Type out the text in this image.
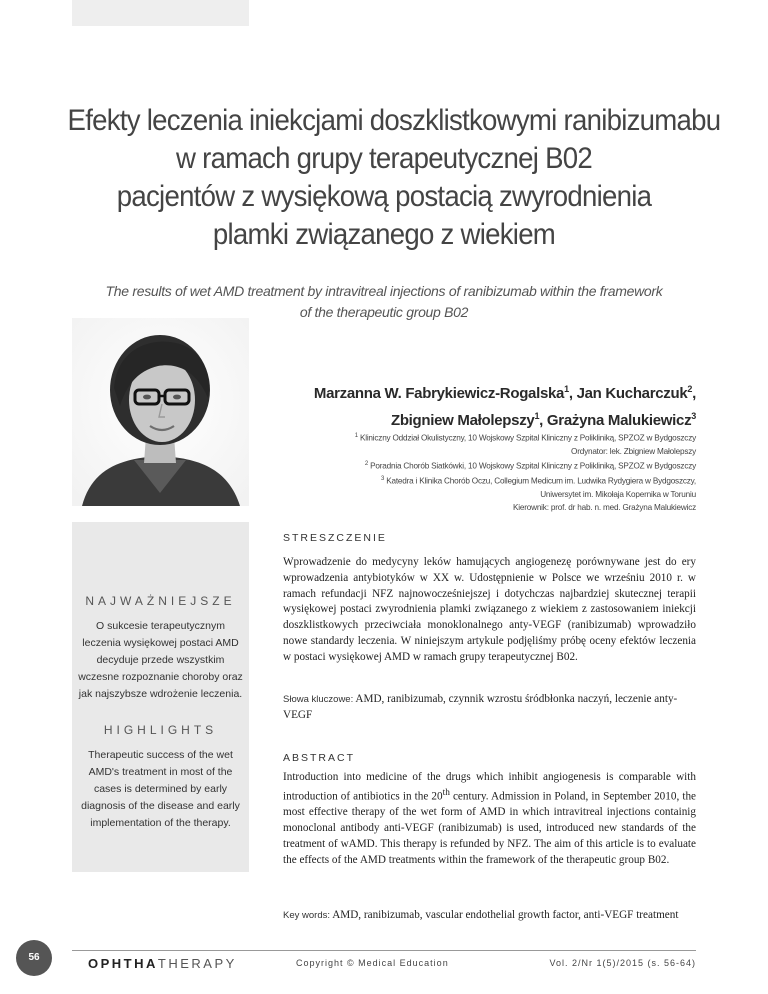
Efekty leczenia iniekcjami doszklistkowymi ranibizumabu
w ramach grupy terapeutycznej B02
pacjentów z wysiękową postacią zwyrodnienia
plamki związanego z wiekiem
The results of wet AMD treatment by intravitreal injections of ranibizumab within the framework
of the therapeutic group B02
Marzanna W. Fabrykiewicz-Rogalska$^1$, Jan Kucharczuk$^2$,
Zbigniew Małolepszy$^1$, Grażyna Malukiewicz$^3$
$^1$ Kliniczny Oddział Okulistyczny, 10 Wojskowy Szpital Kliniczny z Polikliniką, SPZOZ w Bydgoszczy
Ordynator: lek. Zbigniew Małolepszy
$^2$ Poradnia Chorób Siatkówki, 10 Wojskowy Szpital Kliniczny z Polikliniką, SPZOZ w Bydgoszczy
$^3$ Katedra i Klinika Chorób Oczu, Collegium Medicum im. Ludwika Rydygiera w Bydgoszczy,
Uniwersytet im. Mikołaja Kopernika w Toruniu
Kierownik: prof. dr hab. n. med. Grażyna Malukiewicz
NAJWAŻNIEJSZE
O sukcesie terapeutycznym leczenia wysiękowej postaci AMD decyduje przede wszystkim wczesne rozpoznanie choroby oraz jak najszybsze wdrożenie leczenia.
HIGHLIGHTS
Therapeutic success of the wet AMD's treatment in most of the cases is determined by early diagnosis of the disease and early implementation of the therapy.
STRESZCZENIE
Wprowadzenie do medycyny leków hamujących angiogenezę porównywane jest do ery wprowadzenia antybiotyków w XX w. Udostępnienie w Polsce we wrześniu 2010 r. w ramach refundacji NFZ najnowocześniejszej i dotychczas najbardziej skutecznej terapii wysiękowej postaci zwyrodnienia plamki związanego z wiekiem z zastosowaniem iniekcji doszklistkowych przeciwciała monoklonalnego anty-VEGF (ranibizumab) wprowadziło nowe standardy leczenia. W niniejszym artykule podjęliśmy próbę oceny efektów leczenia w postaci wysiękowej AMD w ramach grupy terapeutycznej B02.
Słowa kluczowe: AMD, ranibizumab, czynnik wzrostu śródbłonka naczyń, leczenie anty-VEGF
ABSTRACT
Introduction into medicine of the drugs which inhibit angiogenesis is comparable with introduction of antibiotics in the 20th century. Admission in Poland, in September 2010, the most effective therapy of the wet form of AMD in which intravitreal injections containig monoclonal antibody anti-VEGF (ranibizumab) is used, introduced new standards of the treatment of wAMD. This therapy is refunded by NFZ. The aim of this article is to evaluate the effects of the AMD treatments within the framework of the therapeutic group B02.
Key words: AMD, ranibizumab, vascular endothelial growth factor, anti-VEGF treatment
56	OPHTHATHERAPY	Copyright © Medical Education	Vol. 2/Nr 1(5)/2015 (s. 56-64)
